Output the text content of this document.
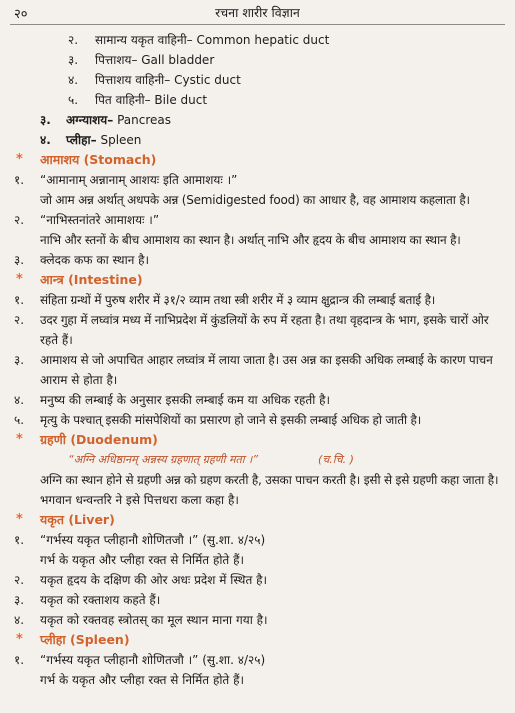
२०	रचना शारीर विज्ञान
२. सामान्य यकृत वाहिनी– Common hepatic duct
३. पित्ताशय– Gall bladder
४. पित्ताशय वाहिनी– Cystic duct
५. पित वाहिनी– Bile duct
३. अग्न्याशय– Pancreas
४. प्लीहा– Spleen
* आमाशय (Stomach)
१. “आमानाम् अन्नानाम् आशयः इति आमाशयः ।”
जो आम अन्न अर्थात् अधपके अन्न (Semidigested food) का आधार है, वह आमाशय कहलाता है।
२. “नाभिस्तनांतरे आमाशयः ।”
नाभि और स्तनों के बीच आमाशय का स्थान है। अर्थात् नाभि और हृदय के बीच आमाशय का स्थान है।
३. क्लेदक कफ का स्थान है।
* आन्त्र (Intestine)
१. संहिता ग्रन्थों में पुरुष शरीर में ३१/२ व्याम तथा स्त्री शरीर में ३ व्याम क्षुद्रान्त्र की लम्बाई बताई है।
२. उदर गुहा में लघ्वांत्र मध्य में नाभिप्रदेश में कुंडलियों के रुप में रहता है। तथा वृहदान्त्र के भाग, इसके चारों ओर
रहते हैं।
३. आमाशय से जो अपाचित आहार लघ्वांत्र में लाया जाता है। उस अन्न का इसकी अधिक लम्बाई के कारण पाचन
आराम से होता है।
४. मनुष्य की लम्बाई के अनुसार इसकी लम्बाई कम या अधिक रहती है।
५. मृत्यु के पश्चात् इसकी मांसपेशियों का प्रसारण हो जाने से इसकी लम्बाई अधिक हो जाती है।
* ग्रहणी (Duodenum)
“अग्नि अधिष्ठानम् अन्नस्य ग्रहणात् ग्रहणी मता ।”	(च.चि. )
अग्नि का स्थान होने से ग्रहणी अन्न को ग्रहण करती है, उसका पाचन करती है। इसी से इसे ग्रहणी कहा जाता है।
भगवान धन्वन्तरि ने इसे पित्तधरा कला कहा है।
* यकृत (Liver)
१. “गर्भस्य यकृत प्लीहानौ शोणितजौ ।” (सु.शा. ४/२५)
गर्भ के यकृत और प्लीहा रक्त से निर्मित होते हैं।
२. यकृत हृदय के दक्षिण की ओर अधः प्रदेश में स्थित है।
३. यकृत को रक्ताशय कहते हैं।
४. यकृत को रक्तवह स्त्रोतस् का मूल स्थान माना गया है।
* प्लीहा (Spleen)
१. “गर्भस्य यकृत प्लीहानौ शोणितजौ ।” (सु.शा. ४/२५)
गर्भ के यकृत और प्लीहा रक्त से निर्मित होते हैं।
